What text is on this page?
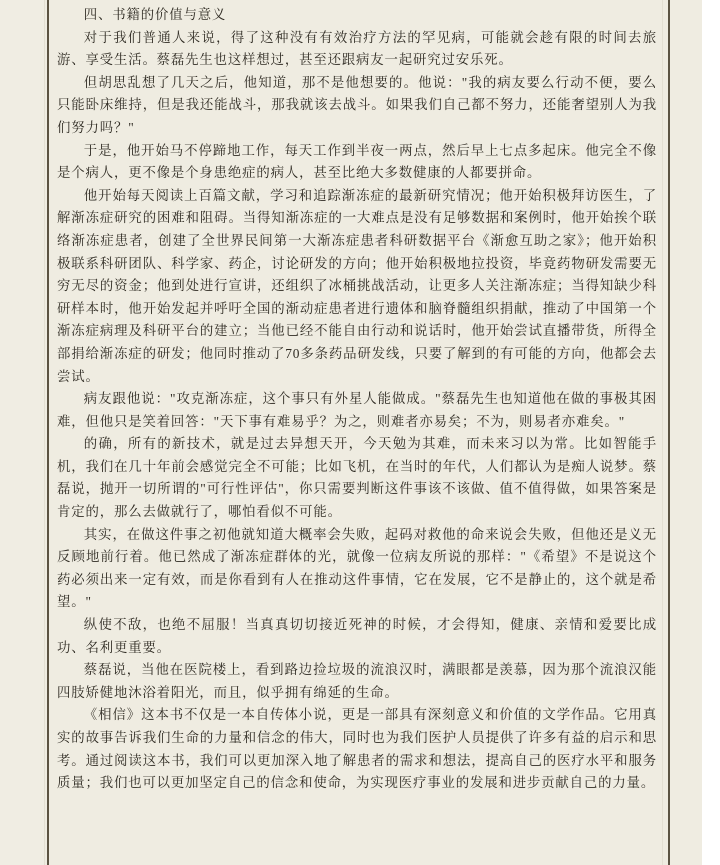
四、书籍的价值与意义

对于我们普通人来说，得了这种没有有效治疗方法的罕见病，可能就会趁有限的时间去旅游、享受生活。蔡磊先生也这样想过，甚至还跟病友一起研究过安乐死。

但胡思乱想了几天之后，他知道，那不是他想要的。他说："我的病友要么行动不便，要么只能卧床维持，但是我还能战斗，那我就该去战斗。如果我们自己都不努力，还能奢望别人为我们努力吗？"

于是，他开始马不停蹄地工作，每天工作到半夜一两点，然后早上七点多起床。他完全不像是个病人，更不像是个身患绝症的病人，甚至比绝大多数健康的人都要拼命。

他开始每天阅读上百篇文献，学习和追踪渐冻症的最新研究情况；他开始积极拜访医生，了解渐冻症研究的困难和阻碍。当得知渐冻症的一大难点是没有足够数据和案例时，他开始挨个联络渐冻症患者，创建了全世界民间第一大渐冻症患者科研数据平台《渐愈互助之家》；他开始积极联系科研团队、科学家、药企，讨论研发的方向；他开始积极地拉投资，毕竟药物研发需要无穷无尽的资金；他到处进行宣讲，还组织了冰桶挑战活动，让更多人关注渐冻症；当得知缺少科研样本时，他开始发起并呼吁全国的渐动症患者进行遗体和脑脊髓组织捐献，推动了中国第一个渐冻症病理及科研平台的建立；当他已经不能自由行动和说话时，他开始尝试直播带货，所得全部捐给渐冻症的研发；他同时推动了70多条药品研发线，只要了解到的有可能的方向，他都会去尝试。

病友跟他说："攻克渐冻症，这个事只有外星人能做成。"蔡磊先生也知道他在做的事极其困难，但他只是笑着回答："天下事有难易乎？为之，则难者亦易矣；不为，则易者亦难矣。"

的确，所有的新技术，就是过去异想天开，今天勉为其难，而未来习以为常。比如智能手机，我们在几十年前会感觉完全不可能；比如飞机，在当时的年代，人们都认为是痴人说梦。蔡磊说，抛开一切所谓的"可行性评估"，你只需要判断这件事该不该做、值不值得做，如果答案是肯定的，那么去做就行了，哪怕看似不可能。

其实，在做这件事之初他就知道大概率会失败，起码对救他的命来说会失败，但他还是义无反顾地前行着。他已然成了渐冻症群体的光，就像一位病友所说的那样："《希望》不是说这个药必须出来一定有效，而是你看到有人在推动这件事情，它在发展，它不是静止的，这个就是希望。"

纵使不敌，也绝不屈服！当真真切切接近死神的时候，才会得知，健康、亲情和爱要比成功、名利更重要。

蔡磊说，当他在医院楼上，看到路边捡垃圾的流浪汉时，满眼都是羡慕，因为那个流浪汉能四肢矫健地沐浴着阳光，而且，似乎拥有绵延的生命。

《相信》这本书不仅是一本自传体小说，更是一部具有深刻意义和价值的文学作品。它用真实的故事告诉我们生命的力量和信念的伟大，同时也为我们医护人员提供了许多有益的启示和思考。通过阅读这本书，我们可以更加深入地了解患者的需求和想法，提高自己的医疗水平和服务质量；我们也可以更加坚定自己的信念和使命，为实现医疗事业的发展和进步贡献自己的力量。
